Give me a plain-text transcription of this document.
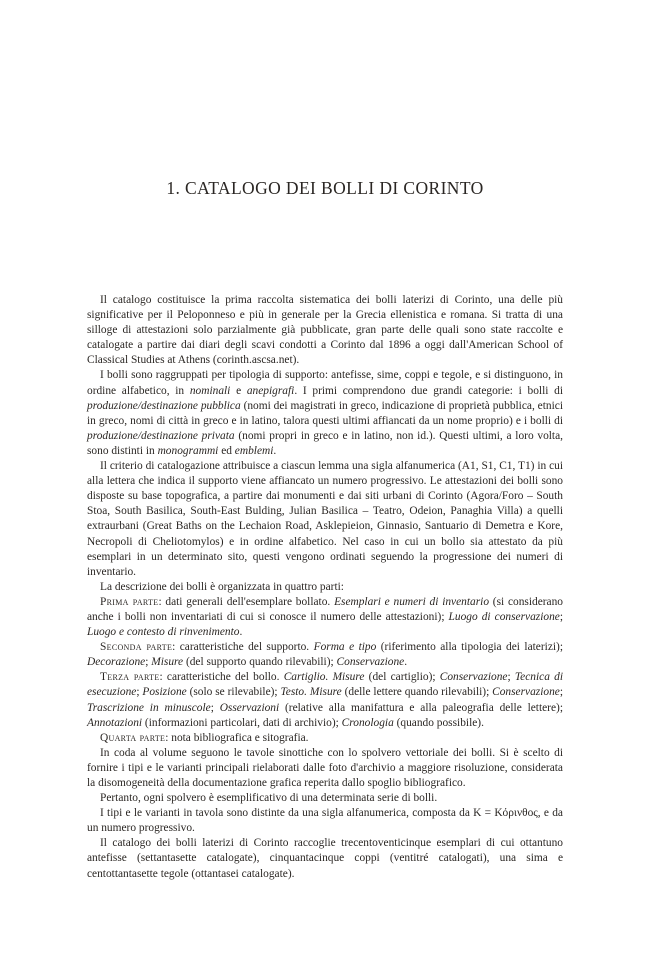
1. CATALOGO DEI BOLLI DI CORINTO

Il catalogo costituisce la prima raccolta sistematica dei bolli laterizi di Corinto, una delle più significative per il Peloponneso e più in generale per la Grecia ellenistica e romana. Si tratta di una silloge di attestazioni solo parzialmente già pubblicate, gran parte delle quali sono state raccolte e catalogate a partire dai diari degli scavi condotti a Corinto dal 1896 a oggi dall'American School of Classical Studies at Athens (corinth.ascsa.net).

I bolli sono raggruppati per tipologia di supporto: antefisse, sime, coppi e tegole, e si distinguono, in ordine alfabetico, in nominali e anepigrafi. I primi comprendono due grandi categorie: i bolli di produzione/destinazione pubblica (nomi dei magistrati in greco, indicazione di proprietà pubblica, etnici in greco, nomi di città in greco e in latino, talora questi ultimi affiancati da un nome proprio) e i bolli di produzione/destinazione privata (nomi propri in greco e in latino, non id.). Questi ultimi, a loro volta, sono distinti in monogrammi ed emblemi.

Il criterio di catalogazione attribuisce a ciascun lemma una sigla alfanumerica (A1, S1, C1, T1) in cui alla lettera che indica il supporto viene affiancato un numero progressivo. Le attestazioni dei bolli sono disposte su base topografica, a partire dai monumenti e dai siti urbani di Corinto (Agora/Foro – South Stoa, South Basilica, South-East Bulding, Julian Basilica – Teatro, Odeion, Panaghia Villa) a quelli extraurbani (Great Baths on the Lechaion Road, Asklepieion, Ginnasio, Santuario di Demetra e Kore, Necropoli di Cheliotomylos) e in ordine alfabetico. Nel caso in cui un bollo sia attestato da più esemplari in un determinato sito, questi vengono ordinati seguendo la progressione dei numeri di inventario.

La descrizione dei bolli è organizzata in quattro parti:

Prima parte: dati generali dell'esemplare bollato. Esemplari e numeri di inventario (si considerano anche i bolli non inventariati di cui si conosce il numero delle attestazioni); Luogo di conservazione; Luogo e contesto di rinvenimento.

Seconda parte: caratteristiche del supporto. Forma e tipo (riferimento alla tipologia dei laterizi); Decorazione; Misure (del supporto quando rilevabili); Conservazione.

Terza parte: caratteristiche del bollo. Cartiglio. Misure (del cartiglio); Conservazione; Tecnica di esecuzione; Posizione (solo se rilevabile); Testo. Misure (delle lettere quando rilevabili); Conservazione; Trascrizione in minuscole; Osservazioni (relative alla manifattura e alla paleografia delle lettere); Annotazioni (informazioni particolari, dati di archivio); Cronologia (quando possibile).

Quarta parte: nota bibliografica e sitografia.

In coda al volume seguono le tavole sinottiche con lo spolvero vettoriale dei bolli. Si è scelto di fornire i tipi e le varianti principali rielaborati dalle foto d'archivio a maggiore risoluzione, considerata la disomogeneità della documentazione grafica reperita dallo spoglio bibliografico.

Pertanto, ogni spolvero è esemplificativo di una determinata serie di bolli.

I tipi e le varianti in tavola sono distinte da una sigla alfanumerica, composta da K = Κόρινθος, e da un numero progressivo.

Il catalogo dei bolli laterizi di Corinto raccoglie trecentoventicinque esemplari di cui ottantuno antefisse (settantasette catalogate), cinquantacinque coppi (ventitré catalogati), una sima e centottantasette tegole (ottantasei catalogate).
